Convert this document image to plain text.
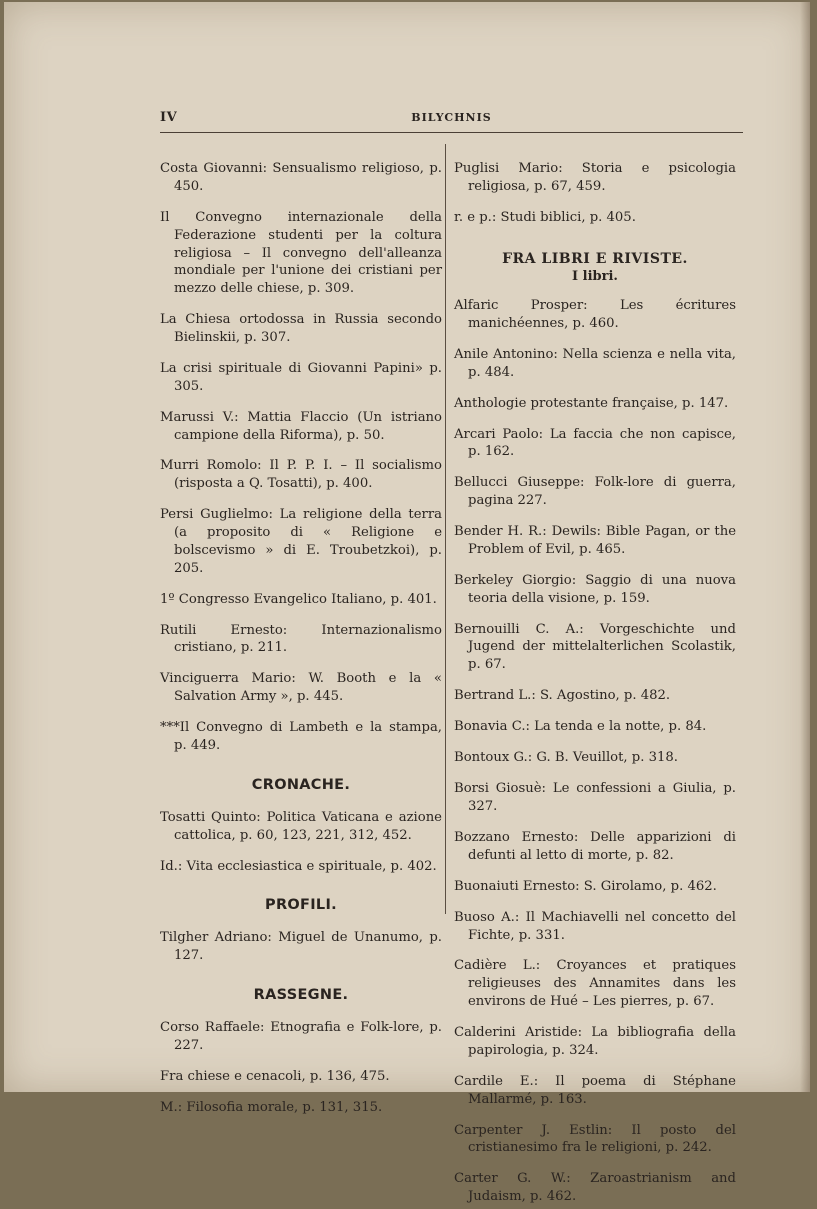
IV	BILYCHNIS

Costa Giovanni: Sensualismo religioso, p. 450.

Il Convegno internazionale della Federazione studenti per la coltura religiosa – Il convegno dell'alleanza mondiale per l'unione dei cristiani per mezzo delle chiese, p. 309.

La Chiesa ortodossa in Russia secondo Bielinskii, p. 307.

La crisi spirituale di Giovanni Papini» p. 305.

Marussi V.: Mattia Flaccio (Un istriano campione della Riforma), p. 50.

Murri Romolo: Il P. P. I. – Il socialismo (risposta a Q. Tosatti), p. 400.

Persi Guglielmo: La religione della terra (a proposito di « Religione e bolscevismo » di E. Troubetzkoi), p. 205.

1º Congresso Evangelico Italiano, p. 401.

Rutili Ernesto: Internazionalismo cristiano, p. 211.

Vinciguerra Mario: W. Booth e la « Salvation Army », p. 445.

***Il Convegno di Lambeth e la stampa, p. 449.

CRONACHE.

Tosatti Quinto: Politica Vaticana e azione cattolica, p. 60, 123, 221, 312, 452.

Id.: Vita ecclesiastica e spirituale, p. 402.

PROFILI.

Tilgher Adriano: Miguel de Unanumo, p. 127.

RASSEGNE.

Corso Raffaele: Etnografia e Folk-lore, p. 227.

Fra chiese e cenacoli, p. 136, 475.

M.: Filosofia morale, p. 131, 315.

Puglisi Mario: Storia e psicologia religiosa, p. 67, 459.

r. e p.: Studi biblici, p. 405.

FRA LIBRI E RIVISTE.
I libri.

Alfaric Prosper: Les écritures manichéennes, p. 460.

Anile Antonino: Nella scienza e nella vita, p. 484.

Anthologie protestante française, p. 147.

Arcari Paolo: La faccia che non capisce, p. 162.

Bellucci Giuseppe: Folk-lore di guerra, pagina 227.

Bender H. R.: Dewils: Bible Pagan, or the Problem of Evil, p. 465.

Berkeley Giorgio: Saggio di una nuova teoria della visione, p. 159.

Bernouilli C. A.: Vorgeschichte und Jugend der mittelalterlichen Scolastik, p. 67.

Bertrand L.: S. Agostino, p. 482.

Bonavia C.: La tenda e la notte, p. 84.

Bontoux G.: G. B. Veuillot, p. 318.

Borsi Giosuè: Le confessioni a Giulia, p. 327.

Bozzano Ernesto: Delle apparizioni di defunti al letto di morte, p. 82.

Buonaiuti Ernesto: S. Girolamo, p. 462.

Buoso A.: Il Machiavelli nel concetto del Fichte, p. 331.

Cadière L.: Croyances et pratiques religieuses des Annamites dans les environs de Hué – Les pierres, p. 67.

Calderini Aristide: La bibliografia della papirologia, p. 324.

Cardile E.: Il poema di Stéphane Mallarmé, p. 163.

Carpenter J. Estlin: Il posto del cristianesimo fra le religioni, p. 242.

Carter G. W.: Zaroastrianism and Judaism, p. 462.
